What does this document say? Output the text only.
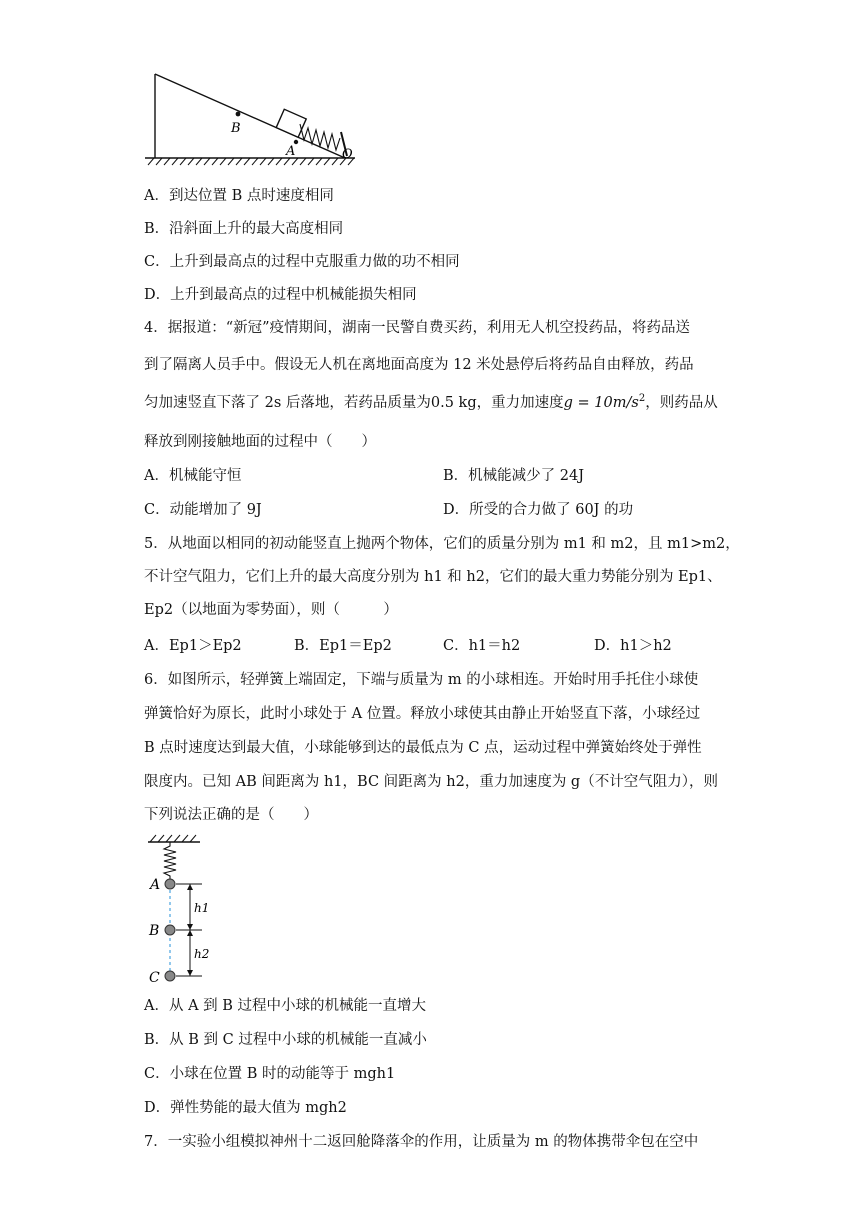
B
A	O
A．到达位置 B 点时速度相同
B．沿斜面上升的最大高度相同
C．上升到最高点的过程中克服重力做的功不相同
D．上升到最高点的过程中机械能损失相同
4．据报道：“新冠”疫情期间，湖南一民警自费买药，利用无人机空投药品，将药品送
到了隔离人员手中。假设无人机在离地面高度为 12 米处悬停后将药品自由释放，药品
匀加速竖直下落了 2s 后落地，若药品质量为0.5 kg，重力加速度$g = 10m/s^2$，则药品从
释放到刚接触地面的过程中（　　）
A．机械能守恒	B．机械能减少了 24J
C．动能增加了 9J	D．所受的合力做了 60J 的功
5．从地面以相同的初动能竖直上抛两个物体，它们的质量分别为 m1 和 m2，且 m1>m2，
不计空气阻力，它们上升的最大高度分别为 h1 和 h2，它们的最大重力势能分别为 Ep1、
Ep2（以地面为零势面），则（　　　）
A．Ep1＞Ep2	B．Ep1＝Ep2	C．h1＝h2	D．h1＞h2
6．如图所示，轻弹簧上端固定，下端与质量为 m 的小球相连。开始时用手托住小球使
弹簧恰好为原长，此时小球处于 A 位置。释放小球使其由静止开始竖直下落，小球经过
B 点时速度达到最大值，小球能够到达的最低点为 C 点，运动过程中弹簧始终处于弹性
限度内。已知 AB 间距离为 h1，BC 间距离为 h2，重力加速度为 g（不计空气阻力），则
下列说法正确的是（　　）
A
B
C
h1
h2
A．从 A 到 B 过程中小球的机械能一直增大
B．从 B 到 C 过程中小球的机械能一直减小
C．小球在位置 B 时的动能等于 mgh1
D．弹性势能的最大值为 mgh2
7．一实验小组模拟神州十二返回舱降落伞的作用，让质量为 m 的物体携带伞包在空中
